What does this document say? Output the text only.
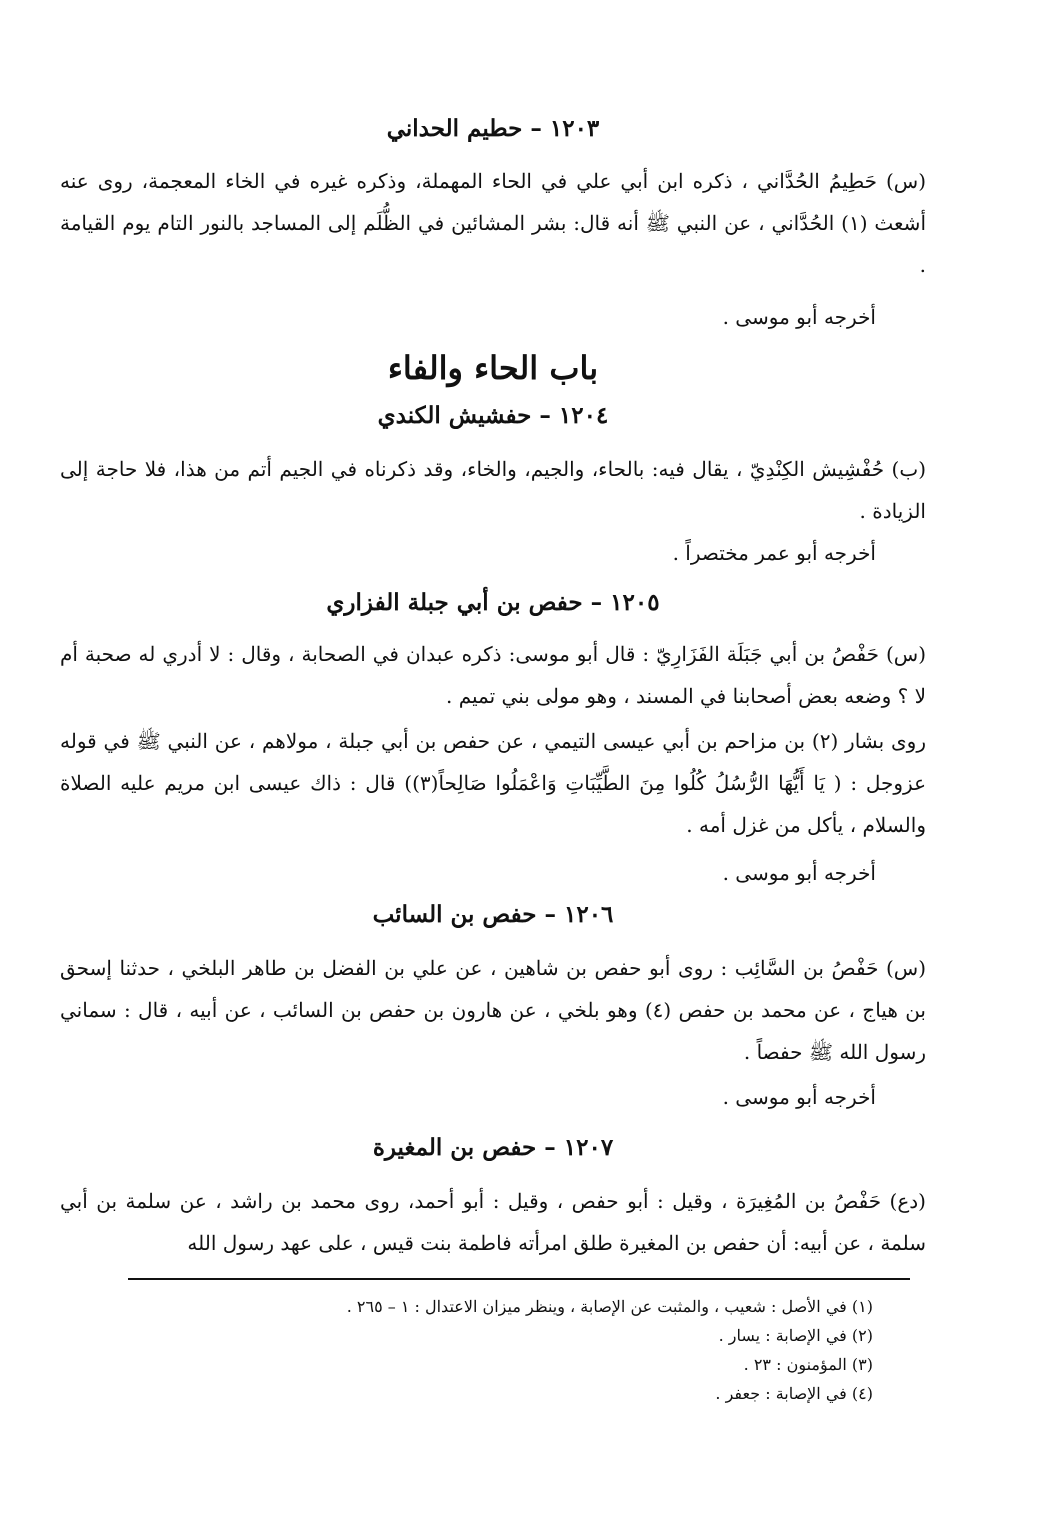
١٢٠٣ – حطيم الحداني
(س) حَطِيمُ الحُدَّاني ، ذكره ابن أبي علي في الحاء المهملة، وذكره غيره في الخاء المعجمة، روى عنه أشعث (١) الحُدَّاني ، عن النبي ﷺ أنه قال: بشر المشائين في الظُّلَم إلى المساجد بالنور التام يوم القيامة .
أخرجه أبو موسى .
باب الحاء والفاء
١٢٠٤ – حفشيش الكندي
(ب) حُفْشِيش الكِنْدِيّ ، يقال فيه: بالحاء، والجيم، والخاء، وقد ذكرناه في الجيم أتم من هذا، فلا حاجة إلى الزيادة .
أخرجه أبو عمر مختصراً .
١٢٠٥ – حفص بن أبي جبلة الفزاري
(س) حَفْصُ بن أبي جَبَلَة الفَزَارِيّ : قال أبو موسى: ذكره عبدان في الصحابة ، وقال : لا أدري له صحبة أم لا ؟ وضعه بعض أصحابنا في المسند ، وهو مولى بني تميم .
روى بشار (٢) بن مزاحم بن أبي عيسى التيمي ، عن حفص بن أبي جبلة ، مولاهم ، عن النبي ﷺ في قوله عزوجل : ( يَا أَيُّهَا الرُّسُلُ كُلُوا مِنَ الطَّيِّبَاتِ وَاعْمَلُوا صَالِحاً(٣)) قال : ذاك عيسى ابن مريم عليه الصلاة والسلام ، يأكل من غزل أمه .
أخرجه أبو موسى .
١٢٠٦ – حفص بن السائب
(س) حَفْصُ بن السَّائِب : روى أبو حفص بن شاهين ، عن علي بن الفضل بن طاهر البلخي ، حدثنا إسحق بن هياج ، عن محمد بن حفص (٤) وهو بلخي ، عن هارون بن حفص بن السائب ، عن أبيه ، قال : سماني رسول الله ﷺ حفصاً .
أخرجه أبو موسى .
١٢٠٧ – حفص بن المغيرة
(دع) حَفْصُ بن المُغِيرَة ، وقيل : أبو حفص ، وقيل : أبو أحمد، روى محمد بن راشد ، عن سلمة بن أبي سلمة ، عن أبيه: أن حفص بن المغيرة طلق امرأته فاطمة بنت قيس ، على عهد رسول الله
(١) في الأصل : شعيب ، والمثبت عن الإصابة ، وينظر ميزان الاعتدال : ١ – ٢٦٥ .
(٢) في الإصابة : يسار .
(٣) المؤمنون : ٢٣ .
(٤) في الإصابة : جعفر .
